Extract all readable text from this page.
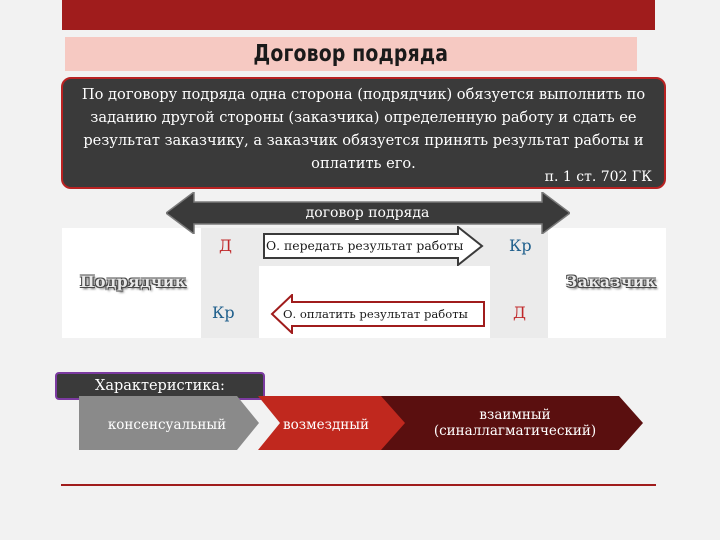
Договор подряда
По договору подряда одна сторона (подрядчик) обязуется выполнить по заданию другой стороны (заказчика) определенную работу и сдать ее результат заказчику, а заказчик обязуется принять результат работы и оплатить его.
п. 1 ст. 702 ГК
договор подряда
О. передать результат работы
О. оплатить результат работы
Д	Кр
Кр	Д
Подрядчик	Заказчик
Характеристика:
консенсуальный	возмездный
взаимный (синаллагматический)
